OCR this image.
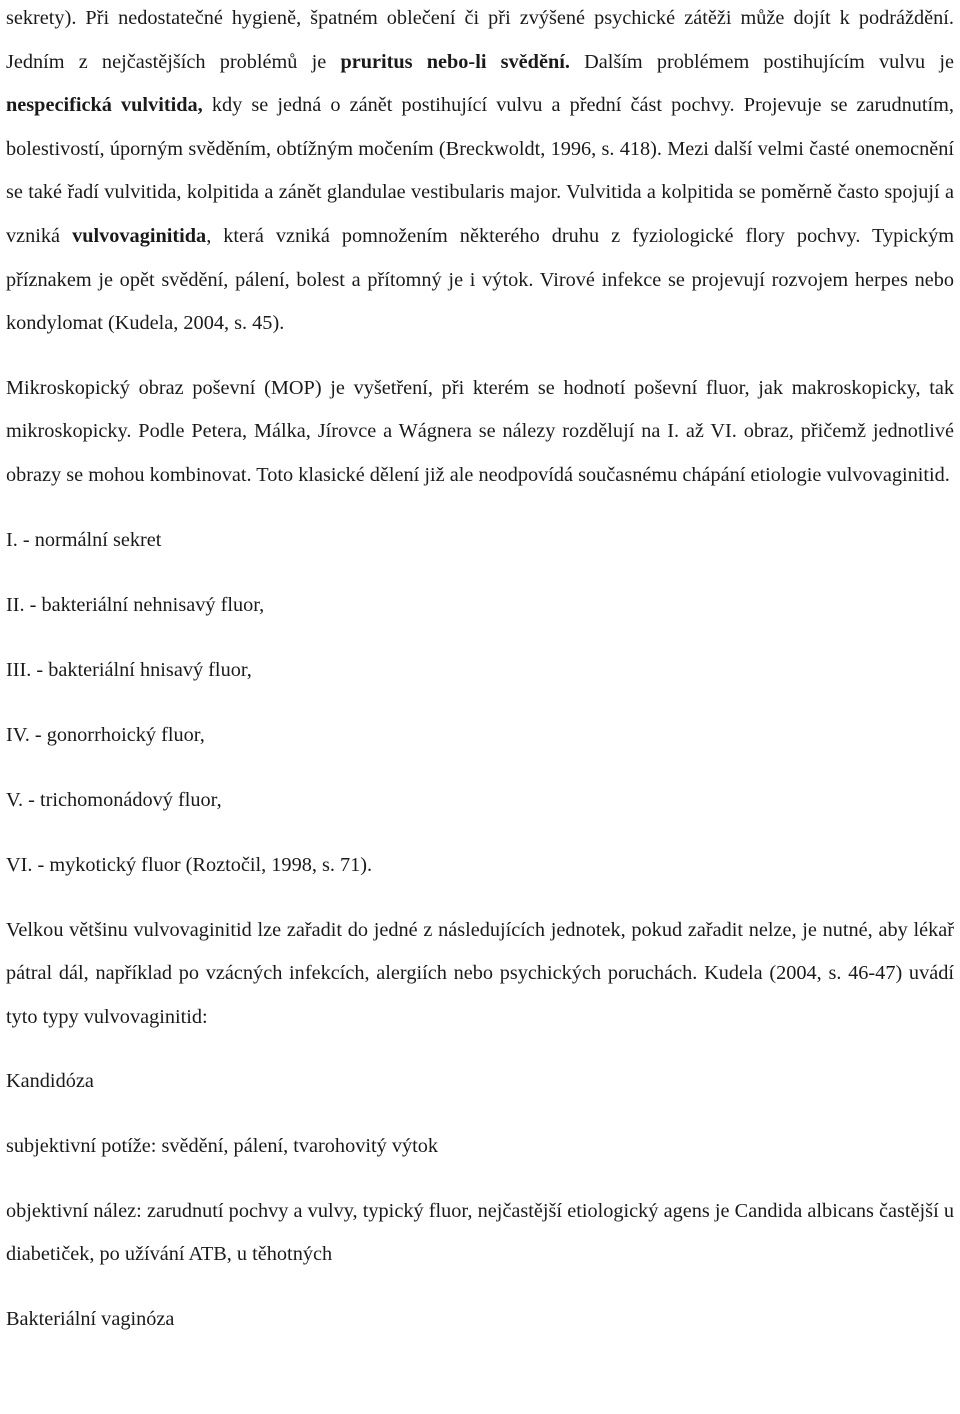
sekrety). Při nedostatečné hygieně, špatném oblečení či při zvýšené psychické zátěži může dojít k podráždění. Jedním z nejčastějších problémů je pruritus nebo-li svědění. Dalším problémem postihujícím vulvu je nespecifická vulvitida, kdy se jedná o zánět postihující vulvu a přední část pochvy. Projevuje se zarudnutím, bolestivostí, úporným svěděním, obtížným močením (Breckwoldt, 1996, s. 418). Mezi další velmi časté onemocnění se také řadí vulvitida, kolpitida a zánět glandulae vestibularis major. Vulvitida a kolpitida se poměrně často spojují a vzniká vulvovaginitida, která vzniká pomnožením některého druhu z fyziologické flory pochvy. Typickým příznakem je opět svědění, pálení, bolest a přítomný je i výtok. Virové infekce se projevují rozvojem herpes nebo kondylomat (Kudela, 2004, s. 45).

Mikroskopický obraz poševní (MOP) je vyšetření, při kterém se hodnotí poševní fluor, jak makroskopicky, tak mikroskopicky. Podle Petera, Málka, Jírovce a Wágnera se nálezy rozdělují na I. až VI. obraz, přičemž jednotlivé obrazy se mohou kombinovat. Toto klasické dělení již ale neodpovídá současnému chápání etiologie vulvovaginitid.

I. - normální sekret

II. - bakteriální nehnisavý fluor,

III. - bakteriální hnisavý fluor,

IV. - gonorrhoický fluor,

V. - trichomonádový fluor,

VI. - mykotický fluor (Roztočil, 1998, s. 71).

Velkou většinu vulvovaginitid lze zařadit do jedné z následujících jednotek, pokud zařadit nelze, je nutné, aby lékař pátral dál, například po vzácných infekcích, alergiích nebo psychických poruchách. Kudela (2004, s. 46-47) uvádí tyto typy vulvovaginitid:

Kandidóza

subjektivní potíže: svědění, pálení, tvarohovitý výtok

objektivní nález: zarudnutí pochvy a vulvy, typický fluor, nejčastější etiologický agens je Candida albicans častější u diabetiček, po užívání ATB, u těhotných

Bakteriální vaginóza
